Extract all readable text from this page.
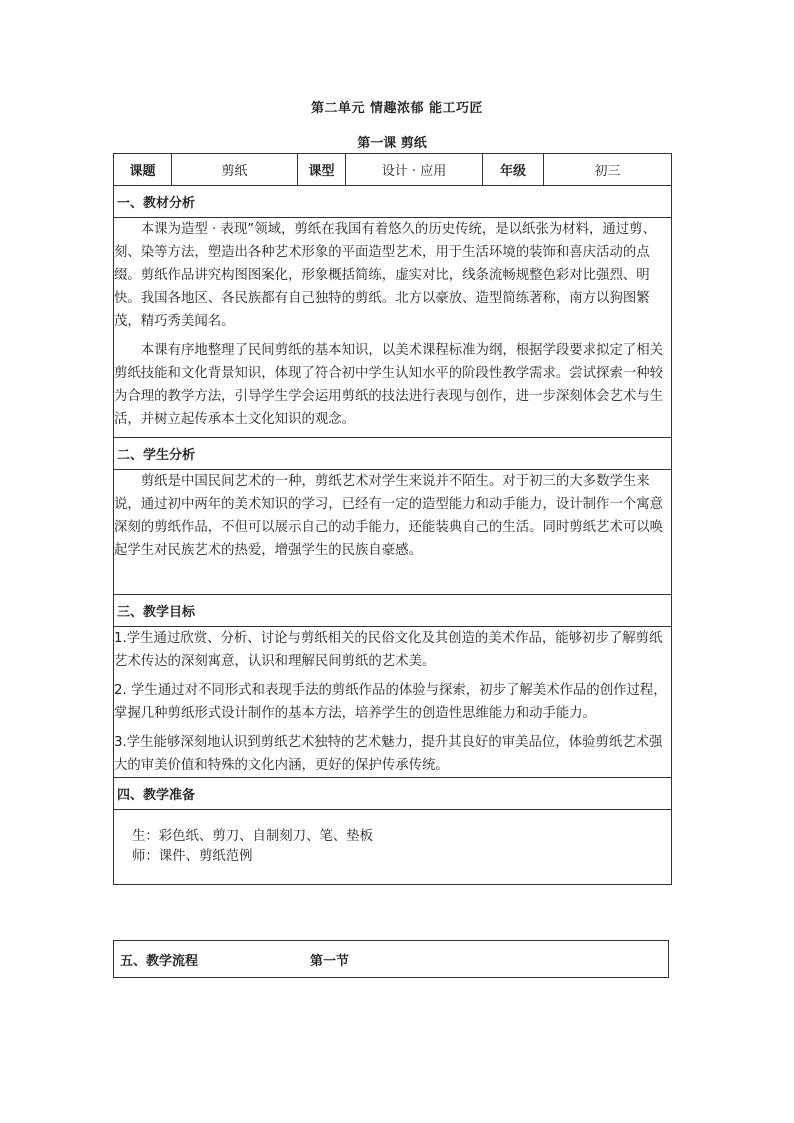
第二单元 情趣浓郁 能工巧匠
第一课 剪纸
课题	剪纸	课型	设计 · 应用	年级	初三
一、教材分析

本课为造型 · 表现”领域，剪纸在我国有着悠久的历史传统，是以纸张为材料，通过剪、刻、染等方法，塑造出各种艺术形象的平面造型艺术，用于生活环境的装饰和喜庆活动的点缀。剪纸作品讲究构图图案化，形象概括简练，虚实对比，线条流畅规整色彩对比强烈、明快。我国各地区、各民族都有自己独特的剪纸。北方以豪放、造型简练著称，南方以狗图繁茂，精巧秀美闻名。

本课有序地整理了民间剪纸的基本知识，以美术课程标准为纲，根据学段要求拟定了相关剪纸技能和文化背景知识，体现了符合初中学生认知水平的阶段性教学需求。尝试探索一种较为合理的教学方法，引导学生学会运用剪纸的技法进行表现与创作，进一步深刻体会艺术与生活，并树立起传承本土文化知识的观念。

二、学生分析

剪纸是中国民间艺术的一种，剪纸艺术对学生来说并不陌生。对于初三的大多数学生来说，通过初中两年的美术知识的学习，已经有一定的造型能力和动手能力，设计制作一个寓意深刻的剪纸作品，不但可以展示自己的动手能力，还能装典自己的生活。同时剪纸艺术可以唤起学生对民族艺术的热爱，增强学生的民族自豪感。

三、教学目标

1.学生通过欣赏、分析、讨论与剪纸相关的民俗文化及其创造的美术作品，能够初步了解剪纸艺术传达的深刻寓意，认识和理解民间剪纸的艺术美。

2. 学生通过对不同形式和表现手法的剪纸作品的体验与探索，初步了解美术作品的创作过程，掌握几种剪纸形式设计制作的基本方法，培养学生的创造性思维能力和动手能力。

3.学生能够深刻地认识到剪纸艺术独特的艺术魅力，提升其良好的审美品位，体验剪纸艺术强大的审美价值和特殊的文化内涵，更好的保护传承传统。

四、教学准备

生：彩色纸、剪刀、自制刻刀、笔、垫板
师：课件、剪纸范例
五、教学流程	第一节
